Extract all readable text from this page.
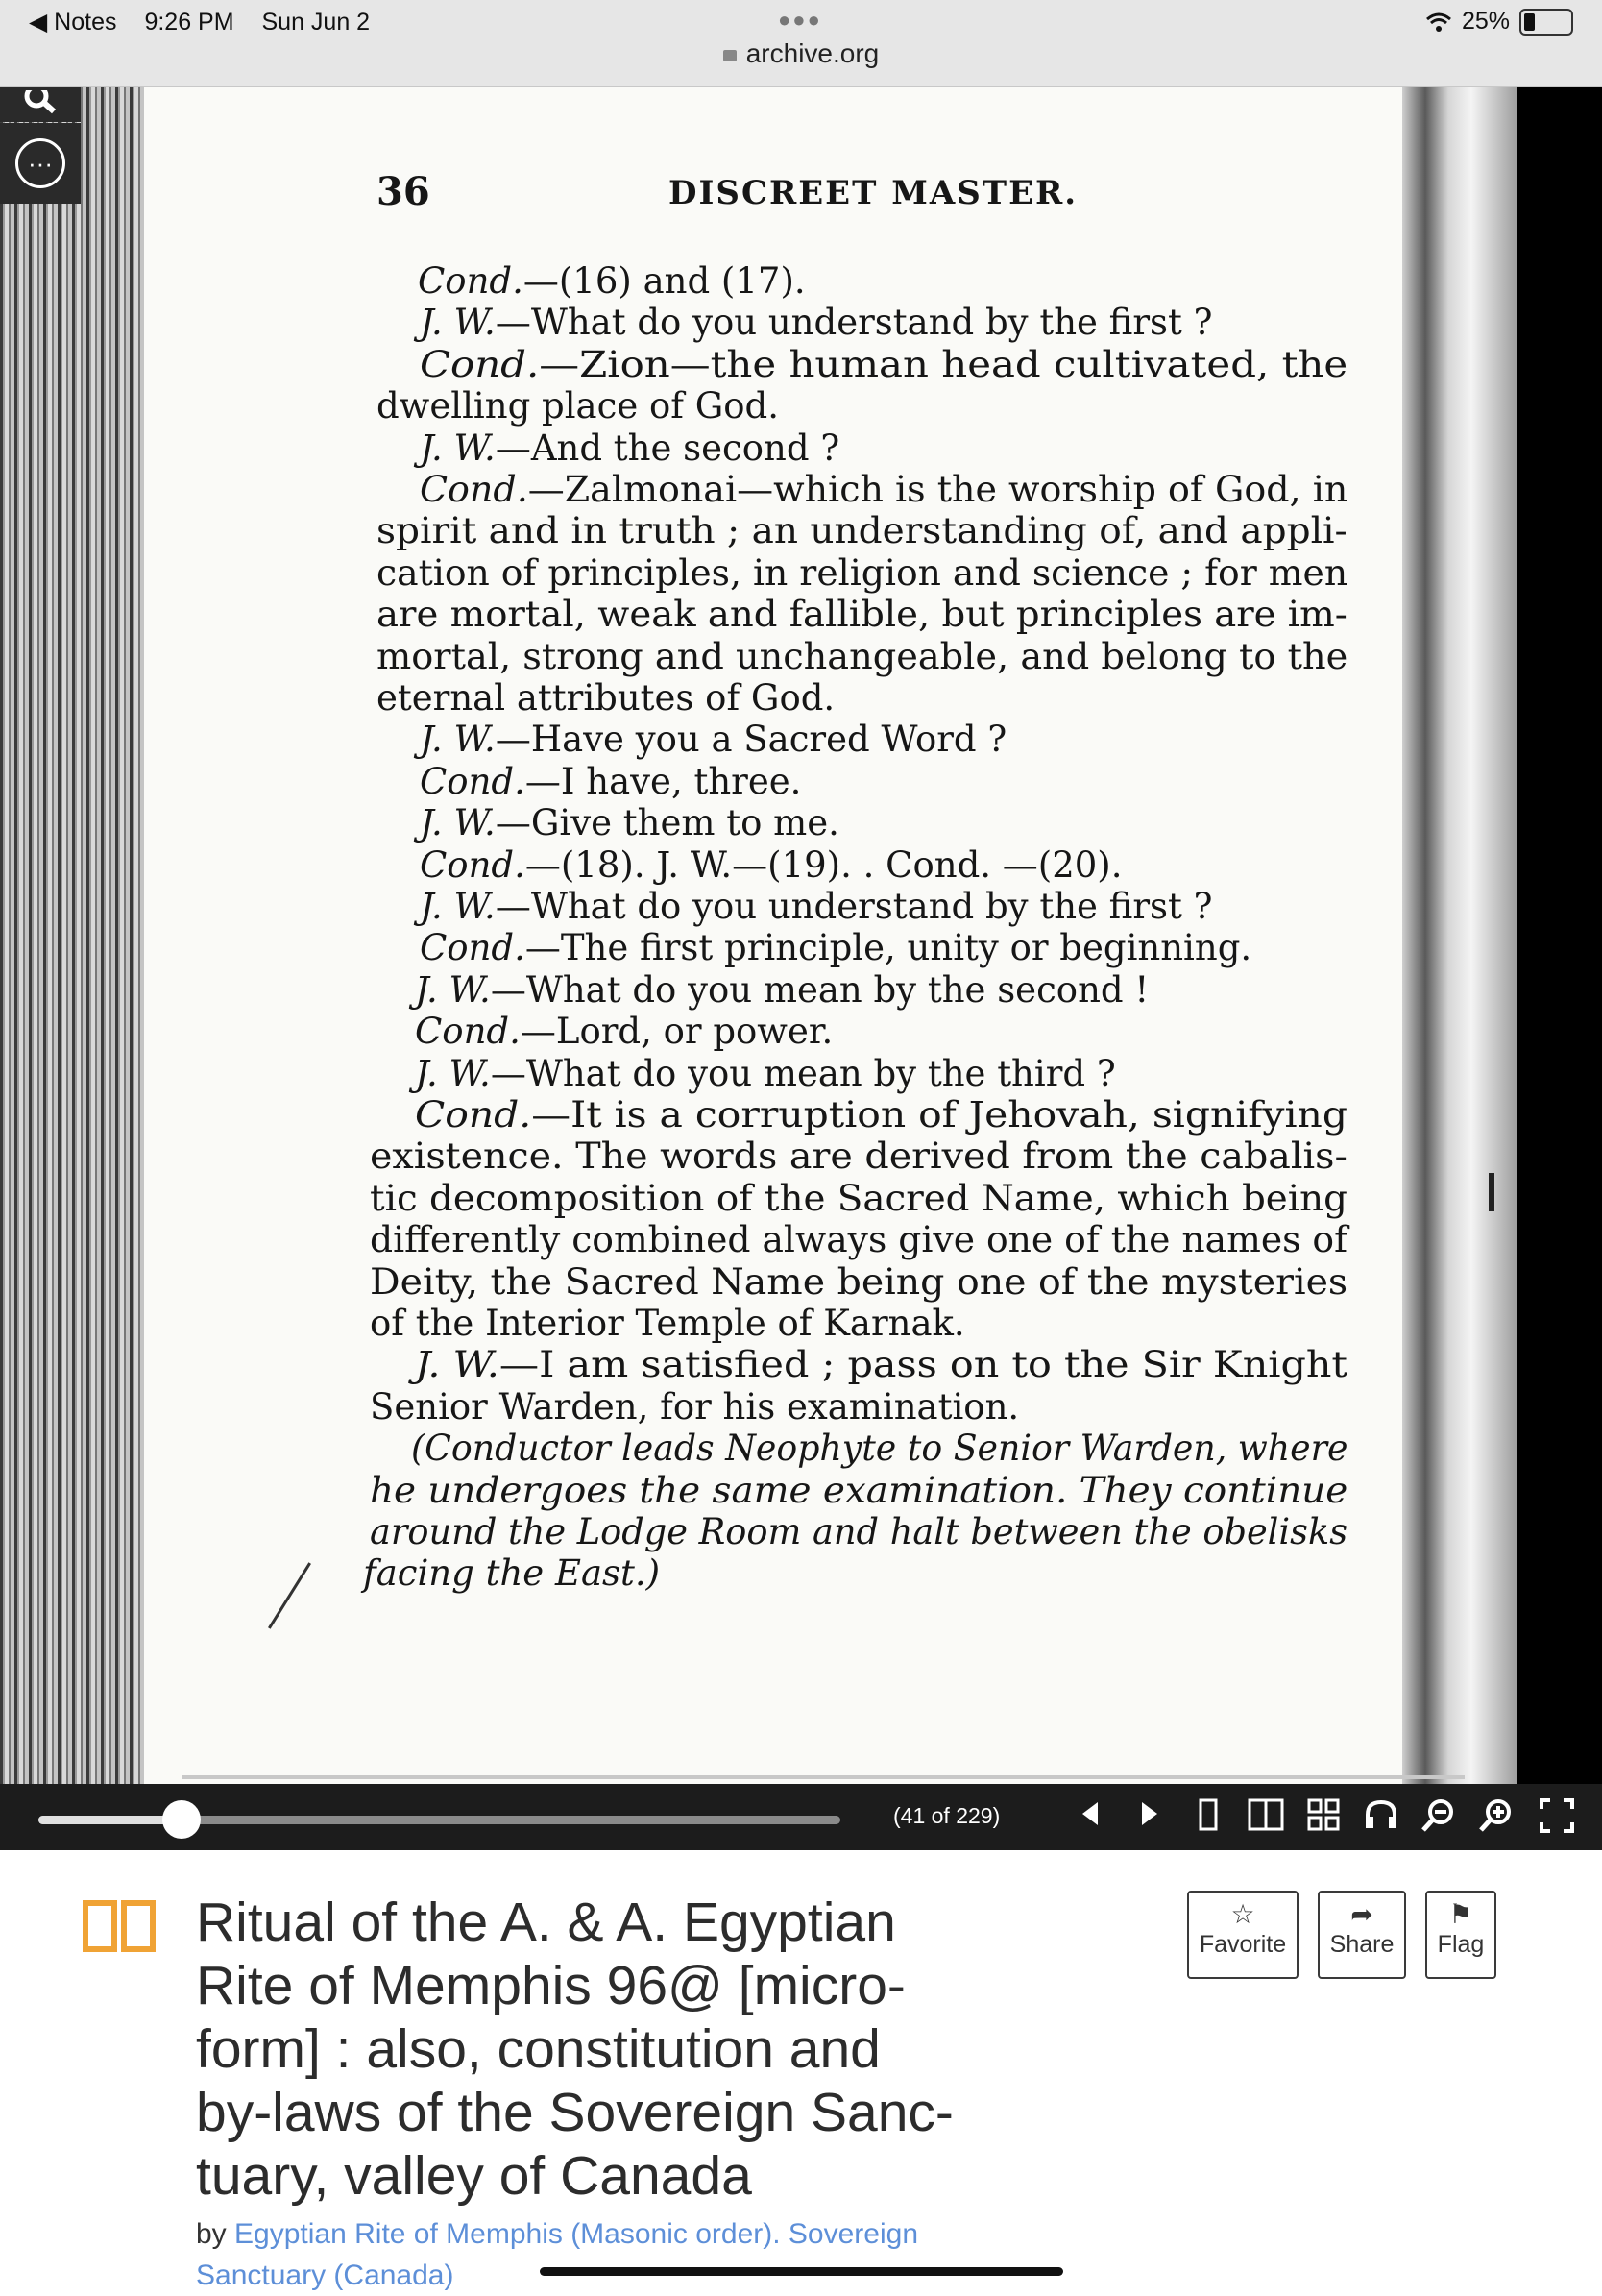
◀ Notes 9:26 PM Sun Jun 2	●●●
archive.org
25%
···
36	DISCREET MASTER.
Cond.—(16) and (17).
J. W.—What do you understand by the first ?
Cond.—Zion—the human head cultivated, the
dwelling place of God.
J. W.—And the second ?
Cond.—Zalmonai—which is the worship of God, in
spirit and in truth ; an understanding of, and appli-
cation of principles, in religion and science ; for men
are mortal, weak and fallible, but principles are im-
mortal, strong and unchangeable, and belong to the
eternal attributes of God.
J. W.—Have you a Sacred Word ?
Cond.—I have, three.
J. W.—Give them to me.
Cond.—(18). J. W.—(19). . Cond. —(20).
J. W.—What do you understand by the first ?
Cond.—The first principle, unity or beginning.
J. W.—What do you mean by the second !
Cond.—Lord, or power.
J. W.—What do you mean by the third ?
Cond.—It is a corruption of Jehovah, signifying
existence. The words are derived from the cabalis-
tic decomposition of the Sacred Name, which being
differently combined always give one of the names of
Deity, the Sacred Name being one of the mysteries
of the Interior Temple of Karnak.
J. W.—I am satisfied ; pass on to the Sir Knight
Senior Warden, for his examination.
(Conductor leads Neophyte to Senior Warden, where
he undergoes the same examination. They continue
around the Lodge Room and halt between the obelisks
facing the East.)
(41 of 229)
Ritual of the A. & A. Egyptian
Rite of Memphis 96@ [micro-
form] : also, constitution and
by-laws of the Sovereign Sanc-
tuary, valley of Canada
by Egyptian Rite of Memphis (Masonic order). Sovereign
Sanctuary (Canada)
☆
Favorite
➦
Share
⚑
Flag
